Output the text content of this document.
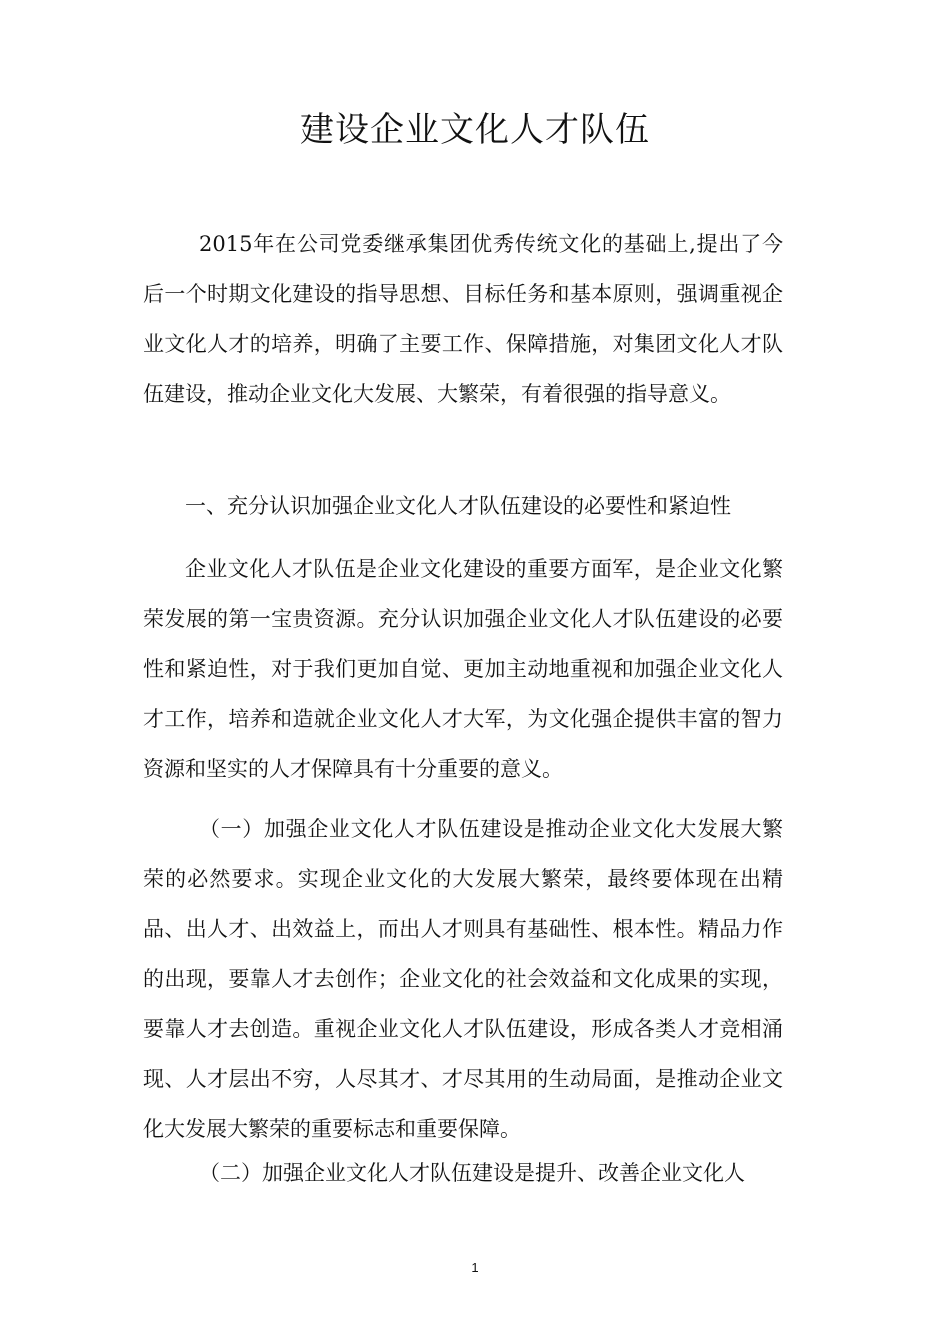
建设企业文化人才队伍

2015年在公司党委继承集团优秀传统文化的基础上,提出了今后一个时期文化建设的指导思想、目标任务和基本原则，强调重视企业文化人才的培养，明确了主要工作、保障措施，对集团文化人才队伍建设，推动企业文化大发展、大繁荣，有着很强的指导意义。

一、充分认识加强企业文化人才队伍建设的必要性和紧迫性

企业文化人才队伍是企业文化建设的重要方面军，是企业文化繁荣发展的第一宝贵资源。充分认识加强企业文化人才队伍建设的必要性和紧迫性，对于我们更加自觉、更加主动地重视和加强企业文化人才工作，培养和造就企业文化人才大军，为文化强企提供丰富的智力资源和坚实的人才保障具有十分重要的意义。

（一）加强企业文化人才队伍建设是推动企业文化大发展大繁荣的必然要求。实现企业文化的大发展大繁荣，最终要体现在出精品、出人才、出效益上，而出人才则具有基础性、根本性。精品力作的出现，要靠人才去创作；企业文化的社会效益和文化成果的实现，要靠人才去创造。重视企业文化人才队伍建设，形成各类人才竞相涌现、人才层出不穷，人尽其才、才尽其用的生动局面，是推动企业文化大发展大繁荣的重要标志和重要保障。

（二）加强企业文化人才队伍建设是提升、改善企业文化人

1
